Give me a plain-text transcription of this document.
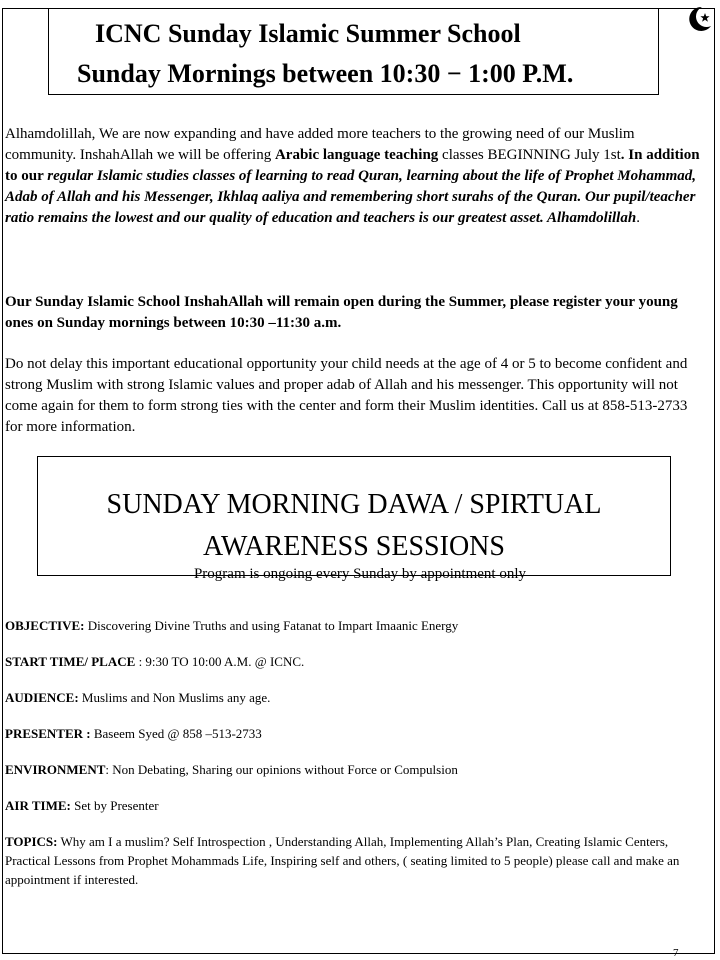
ICNC Sunday Islamic Summer School
Sunday Mornings between 10:30 − 1:00 P.M.
Alhamdolillah, We are now expanding and have added more teachers to the growing need of our Muslim community. InshahAllah we will be offering Arabic language teaching classes BEGINNING July 1st. In addition to our regular Islamic studies classes of learning to read Quran, learning about the life of Prophet Mohammad, Adab of Allah and his Messenger, Ikhlaq aaliya and remembering short surahs of the Quran. Our pupil/teacher ratio remains the lowest and our quality of education and teachers is our greatest asset. Alhamdolillah.
Our Sunday Islamic School InshahAllah will remain open during the Summer, please register your young ones on Sunday mornings between 10:30 –11:30 a.m.
Do not delay this important educational opportunity your child needs at the age of 4 or 5 to become confident and strong Muslim with strong Islamic values and proper adab of Allah and his messenger. This opportunity will not come again for them to form strong ties with the center and form their Muslim identities. Call us at 858-513-2733 for more information.
SUNDAY MORNING DAWA / SPIRTUAL
AWARENESS SESSIONS
Program is ongoing every Sunday by appointment only
OBJECTIVE: Discovering Divine Truths and using Fatanat to Impart Imaanic Energy
START TIME/ PLACE : 9:30 TO 10:00 A.M. @ ICNC.
AUDIENCE: Muslims and Non Muslims any age.
PRESENTER : Baseem Syed @ 858 –513-2733
ENVIRONMENT: Non Debating, Sharing our opinions without Force or Compulsion
AIR TIME: Set by Presenter
TOPICS: Why am I a muslim? Self Introspection , Understanding Allah, Implementing Allah’s Plan, Creating Islamic Centers, Practical Lessons from Prophet Mohammads Life, Inspiring self and others, ( seating limited to 5 people) please call and make an appointment if interested.
7
